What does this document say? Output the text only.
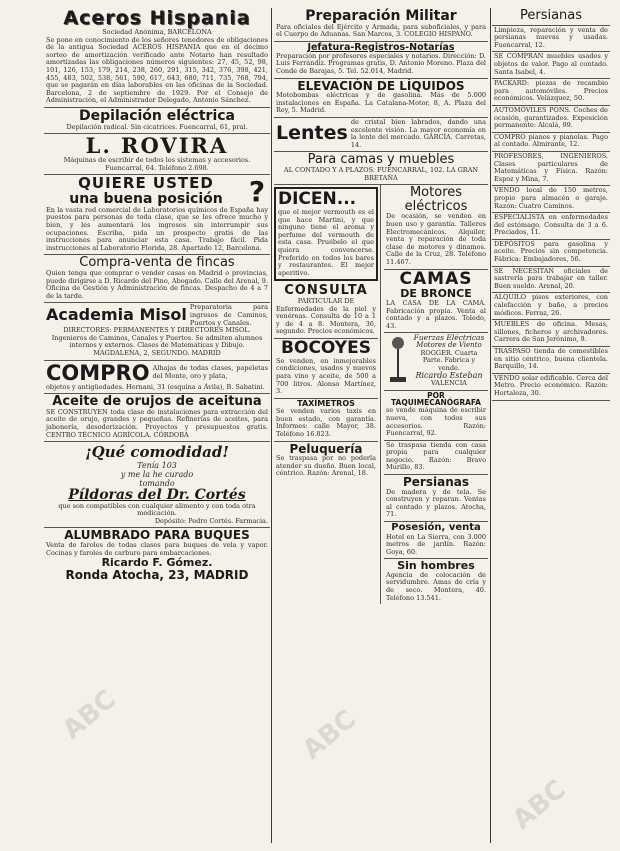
Aceros Hispania

Sociedad Anónima, BARCELONA

Se pone en conocimiento de los señores tenedores de obligaciones de la antigua Sociedad ACEROS HISPANIA que en el décimo sorteo de amortización verificado ante Notario han resultado amortizadas las obligaciones números siguientes: 27, 45, 52, 98, 101, 126, 153, 179, 214, 238, 260, 291, 315, 342, 376, 398, 421, 455, 483, 502, 538, 561, 590, 617, 643, 680, 711, 735, 768, 794, que se pagarán en días laborables en las oficinas de la Sociedad. Barcelona, 2 de septiembre de 1929. Por el Consejo de Administración, el Administrador Delegado, Antonio Sánchez.

Depilación eléctrica

Depilación radical. Sin cicatrices. Fuencarral, 61, pral.

L. ROVIRA

Máquinas de escribir de todos los sistemas y accesorios. Fuencarral, 64. Teléfono 2.698.

QUIERE USTED

una buena posición ?

En la vasta red comercial de Laboratorios químicos de España hay puestos para personas de toda clase, que se les ofrece mucho y bien, y les aumentará los ingresos sin interrumpir sus ocupaciones. Escriba, pida un prospecto gratis de las instrucciones para anunciar esta casa. Trabajo fácil. Pida instrucciones al Laboratorio Florida, 28. Apartado 12, Barcelona.

Compra-venta de fincas

Quien tenga que comprar o vender casas en Madrid o provincias, puede dirigirse a D. Ricardo del Pino, Abogado. Calle del Arenal, 9. Oficina de Gestión y Administración de fincas. Despacho de 4 a 7 de la tarde.

Academia Misol Preparatoria para ingresos de Caminos, Puertos y Canales.

DIRECTORES: PERMANENTES Y DIRECTORES MISOL. Ingenieros de Caminos, Canales y Puertos. Se admiten alumnos internos y externos. Clases de Matemáticas y Dibujo. MAGDALENA, 2, SEGUNDO. MADRID

COMPRO Alhajas de todas clases, papeletas del Monte, oro y plata,

objetos y antigüedades. Hernani, 31 (esquina a Ávila), B. Sabatini.

Aceite de orujos de aceituna

SE CONSTRUYEN toda clase de instalaciones para extracción del aceite de orujo, grandes y pequeñas. Refinerías de aceites, para jabonería, desodorización. Proyectos y presupuestos gratis. CENTRO TÉCNICO AGRÍCOLA. CÓRDOBA

¡Qué comodidad!

Tenía 103

y me la he curado

tomando

Píldoras del Dr. Cortés

que son compatibles con cualquier alimento y con toda otra medicación.

Depósito: Pedro Cortés. Farmacia.

ALUMBRADO PARA BUQUES

Venta de faroles de todas clases para buques de vela y vapor. Cocinas y faroles de carburo para embarcaciones.

Ricardo F. Gómez.

Ronda Atocha, 23, MADRID

Preparación Militar

Para oficiales del Ejército y Armada, para suboficiales, y para el Cuerpo de Aduanas. San Marcos, 3. COLEGIO HISPANO.

Jefatura-Registros-Notarías

Preparación por profesores especiales y notarios. Dirección: D. Luis Ferrándiz. Programas gratis, D. Antonio Moreno. Plaza del Conde de Barajas, 5. Tel. 52.014, Madrid.

ELEVACIÓN DE LÍQUIDOS

Motobombas eléctricas y de gasolina. Más de 5.000 instalaciones en España. La Catalana-Motor, 8, A. Plaza del Rey, 5. Madrid.

Lentes

de cristal bien labrados, dando una excelente visión. La mayor economía en la lente del mercado. GARCÍA. Carretas, 14.

Para camas y muebles

AL CONTADO Y A PLAZOS. FUENCARRAL, 102. LA GRAN BRETAÑA

DICEN...

que el mejor vermouth es el que hace Martini, y que ninguno tiene el aroma y perfume del vermouth de esta casa. Pruébelo el que quiera convencerse. Preferido en todos los bares y restaurantes. El mejor aperitivo.

CONSULTA

PARTICULAR DE

Enfermedades de la piel y venéreas. Consulta de 10 a 1 y de 4 a 8. Montera, 36, segundo. Precios económicos.

BOCOYES

Se venden, en inmejorables condiciones, usados y nuevos para vino y aceite, de 500 a 700 litros. Alonso Martínez, 3.

TAXÍMETROS

Se venden varios taxis en buen estado, con garantía. Informes: calle Mayor, 38. Teléfono 16.823.

Peluquería

Se traspasa por no poderla atender su dueño. Buen local, céntrico. Razón: Arenal, 18.

Motores

eléctricos

De ocasión, se venden en buen uso y garantía. Talleres Electromecánicos. Alquiler, venta y reparación de toda clase de motores y dinamos. Calle de la Cruz, 28. Teléfono 11.467.

CAMAS

DE BRONCE

LA CASA DE LA CAMA. Fabricación propia. Venta al contado y a plazos. Toledo, 43.

Fuerzas Eléctricas

Motores de Viento

ROGGER. Cuarta Parte. Fabrica y vende.

Ricardo Esteban

VALENCIA

POR TAQUIMECANÓGRAFA

se vende máquina de escribir nueva, con todos sus accesorios. Razón: Fuencarral, 92.

Se traspasa tienda con casa propia para cualquier negocio. Razón: Bravo Murillo, 83.

Persianas

De madera y de tela. Se construyen y reparan. Ventas al contado y plazos. Atocha, 71.

Posesión, venta

Hotel en La Sierra, con 3.000 metros de jardín. Razón: Goya, 60.

Sin hombres

Agencia de colocación de servidumbre. Amas de cría y de seco. Montera, 40. Teléfono 13.541.

Persianas

Limpieza, reparación y venta de persianas nuevas y usadas. Fuencarral, 12.

SE COMPRAN muebles usados y objetos de valor. Pago al contado. Santa Isabel, 4.

PACKARD: piezas de recambio para automóviles. Precios económicos. Velázquez, 50.

AUTOMÓVILES PONS. Coches de ocasión, garantizados. Exposición permanente: Alcalá, 99.

COMPRO pianos y pianolas. Pago al contado. Almirante, 12.

PROFESORES, INGENIEROS. Clases particulares de Matemáticas y Física. Razón: Espoz y Mina, 7.

VENDO local de 150 metros, propio para almacén o garaje. Razón: Cuatro Caminos.

ESPECIALISTA en enfermedades del estómago. Consulta de 3 a 6. Preciados, 11.

DEPÓSITOS para gasolina y aceite. Precios sin competencia. Fábrica: Embajadores, 56.

SE NECESITAN oficiales de sastrería para trabajar en taller. Buen sueldo. Arenal, 20.

ALQUILO pisos exteriores, con calefacción y baño, a precios módicos. Ferraz, 26.

MUEBLES de oficina. Mesas, sillones, ficheros y archivadores. Carrera de San Jerónimo, 9.

TRASPASO tienda de comestibles en sitio céntrico, buena clientela. Barquillo, 14.

VENDO solar edificable. Cerca del Metro. Precio económico. Razón: Hortaleza, 30.

ABC	ABC
ABC
